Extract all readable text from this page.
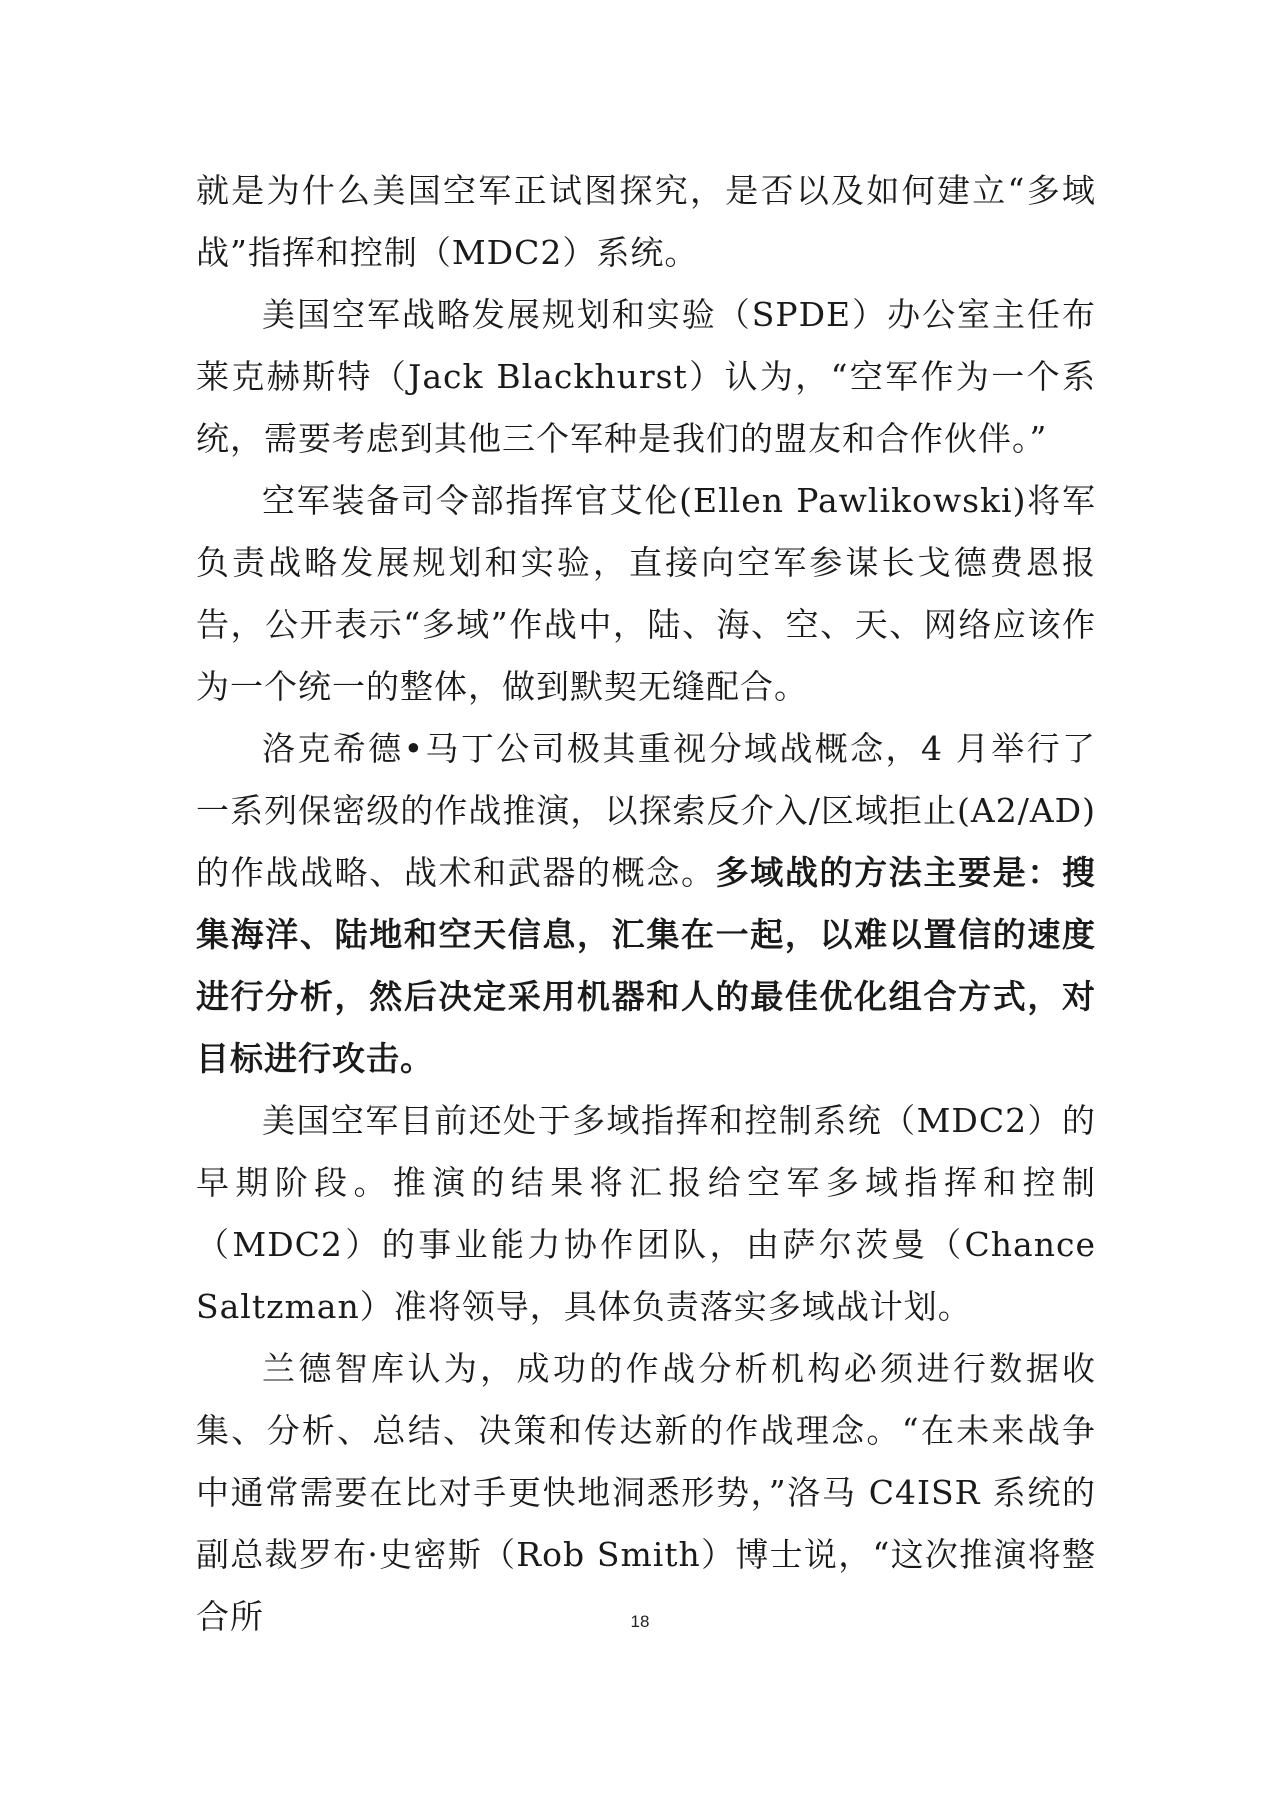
就是为什么美国空军正试图探究，是否以及如何建立“多域战”指挥和控制（MDC2）系统。

美国空军战略发展规划和实验（SPDE）办公室主任布莱克赫斯特（Jack Blackhurst）认为，“空军作为一个系统，需要考虑到其他三个军种是我们的盟友和合作伙伴。”

空军装备司令部指挥官艾伦(Ellen Pawlikowski)将军负责战略发展规划和实验，直接向空军参谋长戈德费恩报告，公开表示“多域”作战中，陆、海、空、天、网络应该作为一个统一的整体，做到默契无缝配合。

洛克希德•马丁公司极其重视分域战概念，4 月举行了一系列保密级的作战推演，以探索反介入/区域拒止(A2/AD)的作战战略、战术和武器的概念。多域战的方法主要是：搜集海洋、陆地和空天信息，汇集在一起，以难以置信的速度进行分析，然后决定采用机器和人的最佳优化组合方式，对目标进行攻击。

美国空军目前还处于多域指挥和控制系统（MDC2）的早期阶段。推演的结果将汇报给空军多域指挥和控制（MDC2）的事业能力协作团队，由萨尔茨曼（Chance Saltzman）准将领导，具体负责落实多域战计划。

兰德智库认为，成功的作战分析机构必须进行数据收集、分析、总结、决策和传达新的作战理念。“在未来战争中通常需要在比对手更快地洞悉形势，”洛马 C4ISR 系统的副总裁罗布·史密斯（Rob Smith）博士说，“这次推演将整合所	18
